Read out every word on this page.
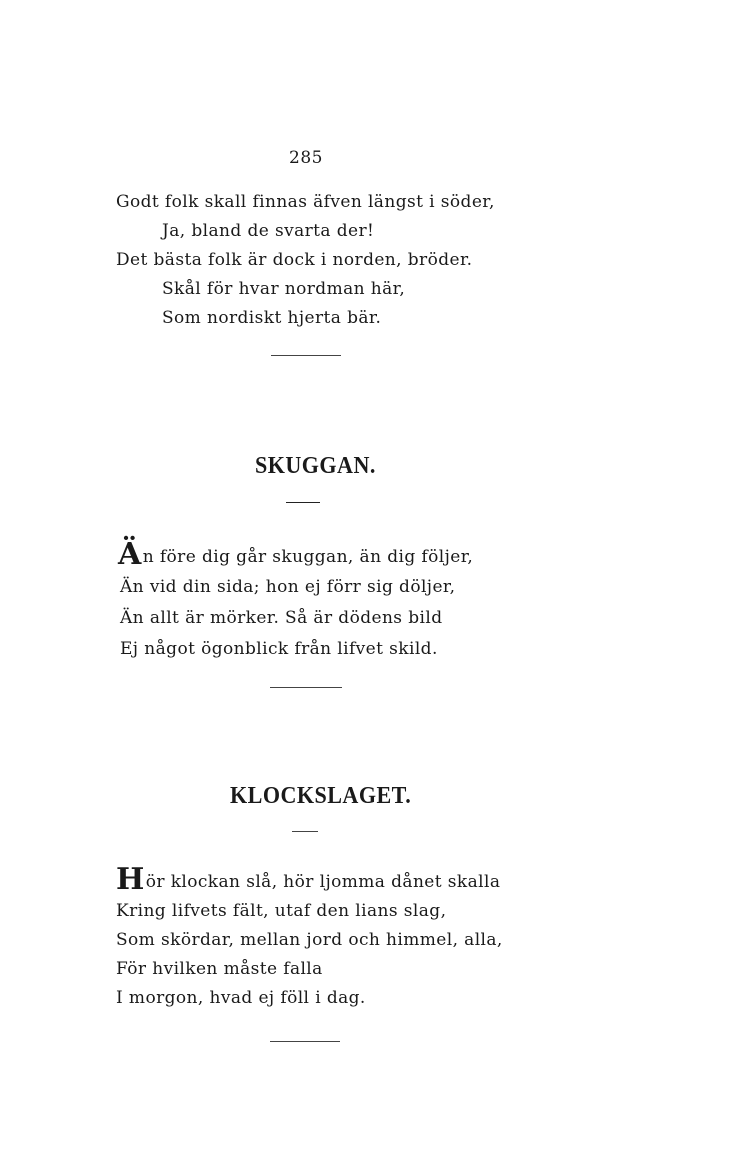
285
Godt folk skall finnas äfven längst i söder,
Ja, bland de svarta der!
Det bästa folk är dock i norden, bröder.
Skål för hvar nordman här,
Som nordiskt hjerta bär.
SKUGGAN.
Än före dig går skuggan, än dig följer,
Än vid din sida; hon ej förr sig döljer,
Än allt är mörker. Så är dödens bild
Ej något ögonblick från lifvet skild.
KLOCKSLAGET.
Hör klockan slå, hör ljomma dånet skalla
Kring lifvets fält, utaf den lians slag,
Som skördar, mellan jord och himmel, alla,
För hvilken måste falla
I morgon, hvad ej föll i dag.
